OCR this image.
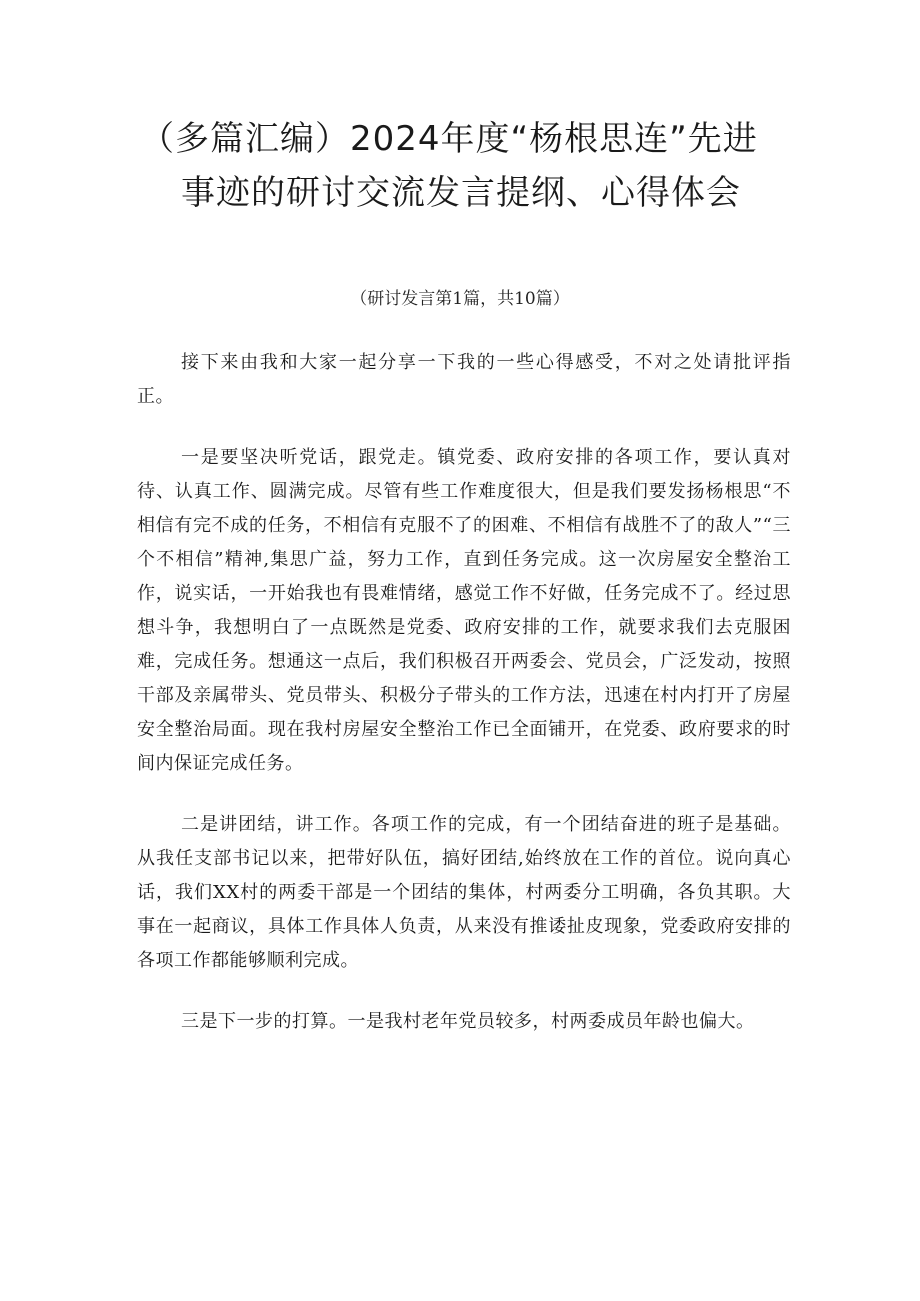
（多篇汇编）2024年度“杨根思连”先进
事迹的研讨交流发言提纲、心得体会
（研讨发言第1篇，共10篇）

接下来由我和大家一起分享一下我的一些心得感受，不对之处请批评指正。

一是要坚决听党话，跟党走。镇党委、政府安排的各项工作，要认真对待、认真工作、圆满完成。尽管有些工作难度很大，但是我们要发扬杨根思“不相信有完不成的任务，不相信有克服不了的困难、不相信有战胜不了的敌人”“三个不相信”精神,集思广益，努力工作，直到任务完成。这一次房屋安全整治工作，说实话，一开始我也有畏难情绪，感觉工作不好做，任务完成不了。经过思想斗争，我想明白了一点既然是党委、政府安排的工作，就要求我们去克服困难，完成任务。想通这一点后，我们积极召开两委会、党员会，广泛发动，按照干部及亲属带头、党员带头、积极分子带头的工作方法，迅速在村内打开了房屋安全整治局面。现在我村房屋安全整治工作已全面铺开，在党委、政府要求的时间内保证完成任务。

二是讲团结，讲工作。各项工作的完成，有一个团结奋进的班子是基础。从我任支部书记以来，把带好队伍，搞好团结,始终放在工作的首位。说向真心话，我们XX村的两委干部是一个团结的集体，村两委分工明确，各负其职。大事在一起商议，具体工作具体人负责，从来没有推诿扯皮现象，党委政府安排的各项工作都能够顺利完成。

三是下一步的打算。一是我村老年党员较多，村两委成员年龄也偏大。
